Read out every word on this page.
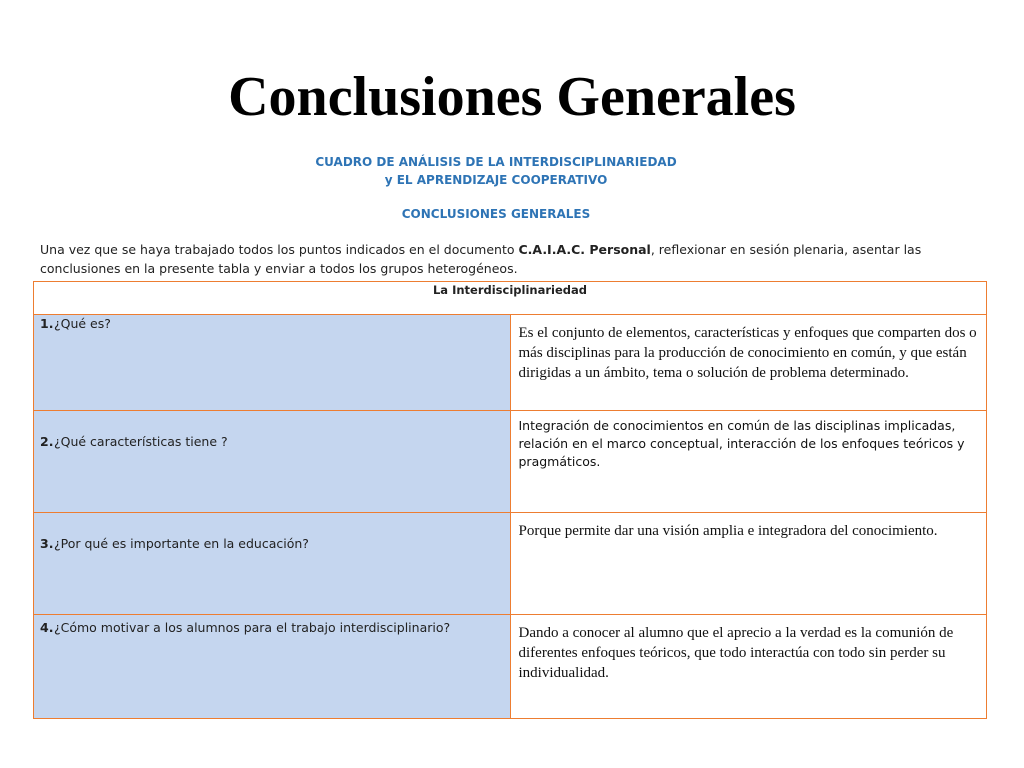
Conclusiones Generales

CUADRO DE ANÁLISIS DE LA INTERDISCIPLINARIEDAD

y EL APRENDIZAJE COOPERATIVO

CONCLUSIONES GENERALES

Una vez que se haya trabajado todos los puntos indicados en el documento C.A.I.A.C. Personal, reflexionar en sesión plenaria, asentar las conclusiones en la presente tabla y enviar a todos los grupos heterogéneos.

La Interdisciplinariedad	

1. ¿Qué es?	Es el conjunto de elementos, características y enfoques que comparten dos o más disciplinas para la producción de conocimiento en común, y que están dirigidas a un ámbito, tema o solución de problema determinado.

2. ¿Qué características tiene ?	Integración de conocimientos en común de las disciplinas implicadas, relación en el marco conceptual, interacción de los enfoques teóricos y pragmáticos.

3. ¿Por qué es importante en la educación?	Porque permite dar una visión amplia e integradora del conocimiento.

4. ¿Cómo motivar a los alumnos para el trabajo interdisciplinario?	Dando a conocer al alumno que el aprecio a la verdad es la comunión de diferentes enfoques teóricos, que todo interactúa con todo sin perder su individualidad.
